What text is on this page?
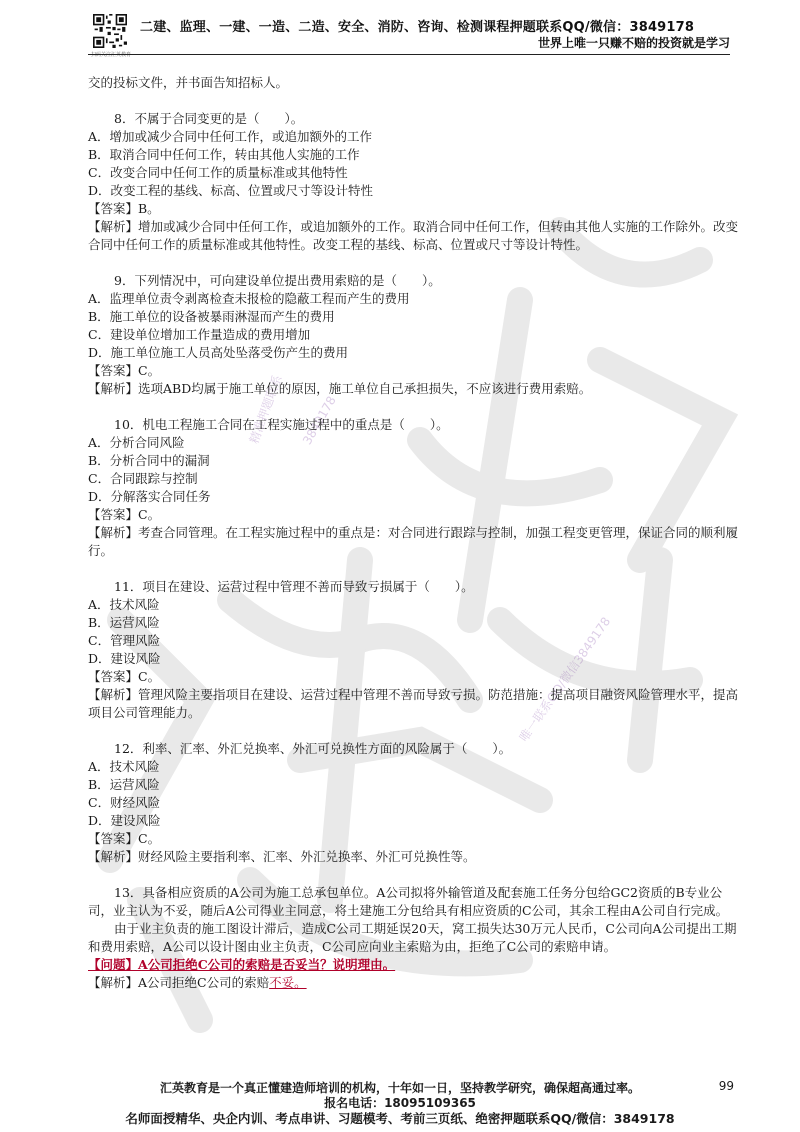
精准押题联系
唯一联系QQ/微信3849178
3849178
扫码关注汇英教育
二建、监理、一建、一造、二造、安全、消防、咨询、检测课程押题联系QQ/微信：3849178
世界上唯一只赚不赔的投资就是学习

交的投标文件，并书面告知招标人。

8．不属于合同变更的是（　　）。

A．增加或减少合同中任何工作，或追加额外的工作

B．取消合同中任何工作，转由其他人实施的工作

C．改变合同中任何工作的质量标准或其他特性

D．改变工程的基线、标高、位置或尺寸等设计特性

【答案】B。

【解析】增加或减少合同中任何工作，或追加额外的工作。取消合同中任何工作，但转由其他人实施的工作除外。改变合同中任何工作的质量标准或其他特性。改变工程的基线、标高、位置或尺寸等设计特性。

9．下列情况中，可向建设单位提出费用索赔的是（　　）。

A．监理单位责令剥离检查未报检的隐蔽工程而产生的费用

B．施工单位的设备被暴雨淋湿而产生的费用

C．建设单位增加工作量造成的费用增加

D．施工单位施工人员高处坠落受伤产生的费用

【答案】C。

【解析】选项ABD均属于施工单位的原因，施工单位自己承担损失，不应该进行费用索赔。

10．机电工程施工合同在工程实施过程中的重点是（　　）。

A．分析合同风险

B．分析合同中的漏洞

C．合同跟踪与控制

D．分解落实合同任务

【答案】C。

【解析】考查合同管理。在工程实施过程中的重点是：对合同进行跟踪与控制，加强工程变更管理，保证合同的顺利履行。

11．项目在建设、运营过程中管理不善而导致亏损属于（　　）。

A．技术风险

B．运营风险

C．管理风险

D．建设风险

【答案】C。

【解析】管理风险主要指项目在建设、运营过程中管理不善而导致亏损。防范措施：提高项目融资风险管理水平，提高项目公司管理能力。

12．利率、汇率、外汇兑换率、外汇可兑换性方面的风险属于（　　）。

A．技术风险

B．运营风险

C．财经风险

D．建设风险

【答案】C。

【解析】财经风险主要指利率、汇率、外汇兑换率、外汇可兑换性等。

13．具备相应资质的A公司为施工总承包单位。A公司拟将外输管道及配套施工任务分包给GC2资质的B专业公司，业主认为不妥，随后A公司得业主同意，将土建施工分包给具有相应资质的C公司，其余工程由A公司自行完成。

由于业主负责的施工图设计滞后，造成C公司工期延误20天，窝工损失达30万元人民币，C公司向A公司提出工期和费用索赔，A公司以设计图由业主负责，C公司应向业主索赔为由，拒绝了C公司的索赔申请。

【问题】A公司拒绝C公司的索赔是否妥当？说明理由。

【解析】A公司拒绝C公司的索赔不妥。

汇英教育是一个真正懂建造师培训的机构，十年如一日，坚持教学研究，确保超高通过率。	99
报名电话：18095109365
名师面授精华、央企内训、考点串讲、习题模考、考前三页纸、绝密押题联系QQ/微信：3849178
